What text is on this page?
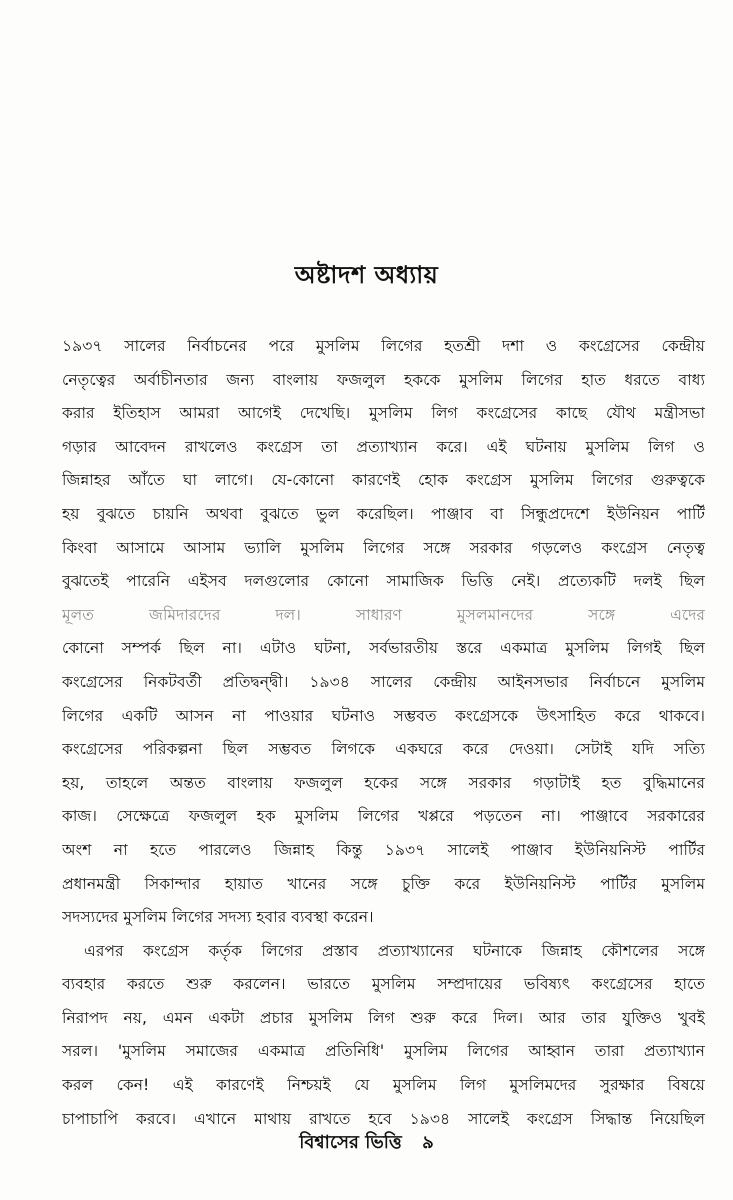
অষ্টাদশ অধ্যায়
১৯৩৭ সালের নির্বাচনের পরে মুসলিম লিগের হতশ্রী দশা ও কংগ্রেসের কেন্দ্রীয়
নেতৃত্বের অর্বাচীনতার জন্য বাংলায় ফজলুল হককে মুসলিম লিগের হাত ধরতে বাধ্য
করার ইতিহাস আমরা আগেই দেখেছি। মুসলিম লিগ কংগ্রেসের কাছে যৌথ মন্ত্রীসভা
গড়ার আবেদন রাখলেও কংগ্রেস তা প্রত্যাখ্যান করে। এই ঘটনায় মুসলিম লিগ ও
জিন্নাহর আঁতে ঘা লাগে। যে-কোনো কারণেই হোক কংগ্রেস মুসলিম লিগের গুরুত্বকে
হয় বুঝতে চায়নি অথবা বুঝতে ভুল করেছিল। পাঞ্জাব বা সিন্ধুপ্রদেশে ইউনিয়ন পার্টি
কিংবা আসামে আসাম ভ্যালি মুসলিম লিগের সঙ্গে সরকার গড়লেও কংগ্রেস নেতৃত্ব
বুঝতেই পারেনি এইসব দলগুলোর কোনো সামাজিক ভিত্তি নেই। প্রত্যেকটি দলই ছিল
মূলত জমিদারদের দল। সাধারণ মুসলমানদের সঙ্গে এদের
কোনো সম্পর্ক ছিল না। এটাও ঘটনা, সর্বভারতীয় স্তরে একমাত্র মুসলিম লিগই ছিল
কংগ্রেসের নিকটবর্তী প্রতিদ্বন্দ্বী। ১৯৩৪ সালের কেন্দ্রীয় আইনসভার নির্বাচনে মুসলিম
লিগের একটি আসন না পাওয়ার ঘটনাও সম্ভবত কংগ্রেসকে উৎসাহিত করে থাকবে।
কংগ্রেসের পরিকল্পনা ছিল সম্ভবত লিগকে একঘরে করে দেওয়া। সেটাই যদি সত্যি
হয়, তাহলে অন্তত বাংলায় ফজলুল হকের সঙ্গে সরকার গড়াটাই হত বুদ্ধিমানের
কাজ। সেক্ষেত্রে ফজলুল হক মুসলিম লিগের খপ্পরে পড়তেন না। পাঞ্জাবে সরকারের
অংশ না হতে পারলেও জিন্নাহ কিন্তু ১৯৩৭ সালেই পাঞ্জাব ইউনিয়নিস্ট পার্টির
প্রধানমন্ত্রী সিকান্দার হায়াত খানের সঙ্গে চুক্তি করে ইউনিয়নিস্ট পার্টির মুসলিম
সদস্যদের মুসলিম লিগের সদস্য হবার ব্যবস্থা করেন।
এরপর কংগ্রেস কর্তৃক লিগের প্রস্তাব প্রত্যাখ্যানের ঘটনাকে জিন্নাহ কৌশলের সঙ্গে
ব্যবহার করতে শুরু করলেন। ভারতে মুসলিম সম্প্রদায়ের ভবিষ্যৎ কংগ্রেসের হাতে
নিরাপদ নয়, এমন একটা প্রচার মুসলিম লিগ শুরু করে দিল। আর তার যুক্তিও খুবই
সরল। 'মুসলিম সমাজের একমাত্র প্রতিনিধি' মুসলিম লিগের আহ্বান তারা প্রত্যাখ্যান
করল কেন! এই কারণেই নিশ্চয়ই যে মুসলিম লিগ মুসলিমদের সুরক্ষার বিষয়ে
চাপাচাপি করবে। এখানে মাথায় রাখতে হবে ১৯৩৪ সালেই কংগ্রেস সিদ্ধান্ত নিয়েছিল
বিশ্বাসের ভিত্তি ৯
